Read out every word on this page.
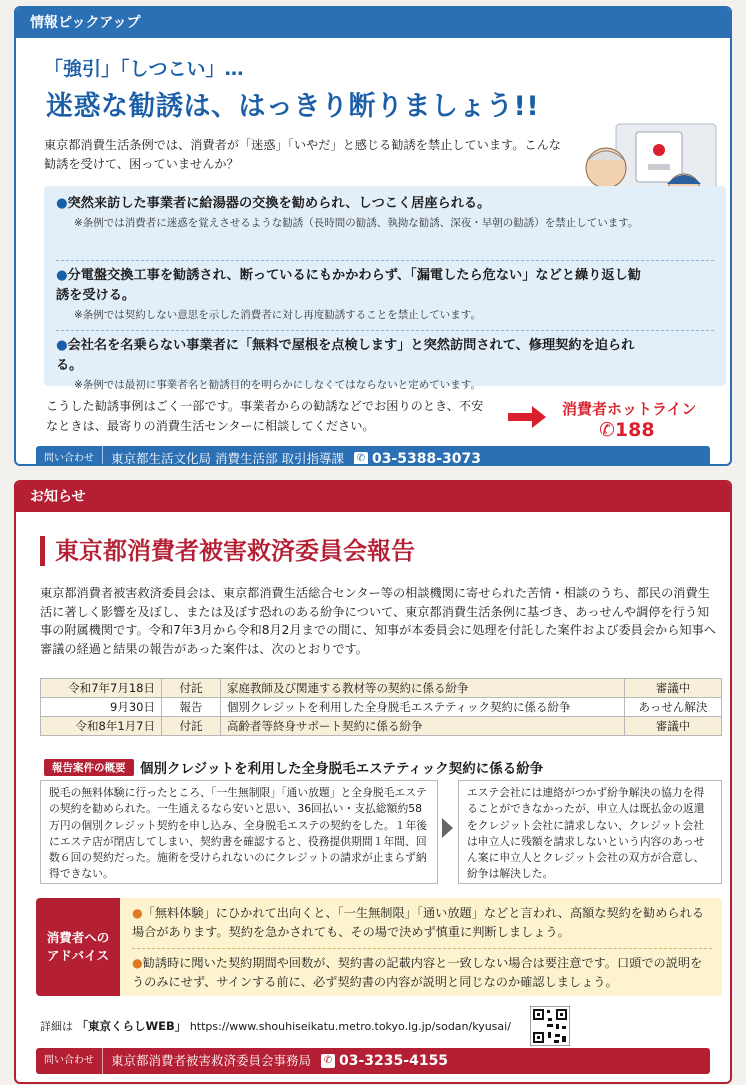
情報ピックアップ
「強引」「しつこい」…
迷惑な勧誘は、はっきり断りましょう!!
東京都消費生活条例では、消費者が「迷惑」「いやだ」と感じる勧誘を禁止しています。こんな勧誘を受けて、困っていませんか？
●突然来訪した事業者に給湯器の交換を勧められ、しつこく居座られる。
※条例では消費者に迷惑を覚えさせるような勧誘（長時間の勧誘、執拗な勧誘、深夜・早朝の勧誘）を禁止しています。
●分電盤交換工事を勧誘され、断っているにもかかわらず、「漏電したら危ない」などと繰り返し勧誘を受ける。
※条例では契約しない意思を示した消費者に対し再度勧誘することを禁止しています。
●会社名を名乗らない事業者に「無料で屋根を点検します」と突然訪問されて、修理契約を迫られる。
※条例では最初に事業者名と勧誘目的を明らかにしなくてはならないと定めています。
こうした勧誘事例はごく一部です。事業者からの勧誘などでお困りのとき、不安なときは、最寄りの消費生活センターに相談してください。
消費者ホットライン
✆188
問い合わせ	東京都生活文化局 消費生活部 取引指導課 ✆ 03-5388-3073
お知らせ
東京都消費者被害救済委員会報告
東京都消費者被害救済委員会は、東京都消費生活総合センター等の相談機関に寄せられた苦情・相談のうち、都民の消費生活に著しく影響を及ぼし、または及ぼす恐れのある紛争について、東京都消費生活条例に基づき、あっせんや調停を行う知事の附属機関です。令和7年3月から令和8月2月までの間に、知事が本委員会に処理を付託した案件および委員会から知事へ審議の経過と結果の報告があった案件は、次のとおりです。
令和7年7月18日	付託	家庭教師及び関連する教材等の契約に係る紛争	審議中
9月30日	報告	個別クレジットを利用した全身脱毛エステティック契約に係る紛争	あっせん解決
令和8年1月7日	付託	高齢者等終身サポート契約に係る紛争	審議中
報告案件の概要	個別クレジットを利用した全身脱毛エステティック契約に係る紛争
脱毛の無料体験に行ったところ、「一生無制限」「通い放題」と全身脱毛エステの契約を勧められた。一生通えるなら安いと思い、36回払い・支払総額約58万円の個別クレジット契約を申し込み、全身脱毛エステの契約をした。１年後にエステ店が閉店してしまい、契約書を確認すると、役務提供期間１年間、回数６回の契約だった。施術を受けられないのにクレジットの請求が止まらず納得できない。
エステ会社には連絡がつかず紛争解決の協力を得ることができなかったが、申立人は既払金の返還をクレジット会社に請求しない、クレジット会社は申立人に残額を請求しないという内容のあっせん案に申立人とクレジット会社の双方が合意し、紛争は解決した。
消費者への
アドバイス
●「無料体験」にひかれて出向くと、「一生無制限」「通い放題」などと言われ、高額な契約を勧められる場合があります。契約を急かされても、その場で決めず慎重に判断しましょう。
●勧誘時に聞いた契約期間や回数が、契約書の記載内容と一致しない場合は要注意です。口頭での説明をうのみにせず、サインする前に、必ず契約書の内容が説明と同じなのか確認しましょう。
詳細は 「東京くらしWEB」 https://www.shouhiseikatu.metro.tokyo.lg.jp/sodan/kyusai/
問い合わせ	東京都消費者被害救済委員会事務局 ✆ 03-3235-4155
